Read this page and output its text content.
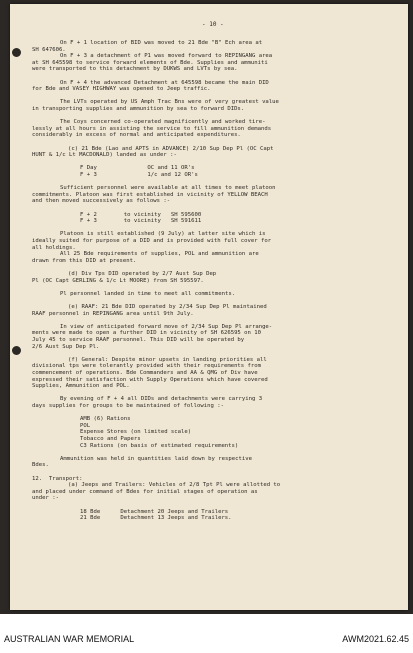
- 10 -

On F + 1 location of BID was moved to 21 Bde "B" Ech area at
SH 647606.
On F + 3 a detachment of P1 was moved forward to REPINGANG area
at SH 645598 to service forward elements of Bde. Supplies and ammuniti
were transported to this detachment by DUKWS and LVTs by sea.
On F + 4 the advanced Detachment at 645598 became the main DID
for Bde and VASEY HIGHWAY was opened to Jeep traffic.
The LVTs operated by US Amph Trac Bns were of very greatest value
in transporting supplies and ammunition by sea to forward DIDs.
The Coys concerned co-operated magnificently and worked tire-
lessly at all hours in assisting the service to fill ammunition demands
considerably in excess of normal and anticipated expenditures.
(c) 21 Bde (Lao and APTS in ADVANCE) 2/10 Sup Dep Pl (OC Capt
HUNT & 1/c Lt MACDONALD) landed as under :-
F Day               OC and 11 OR's
F + 3               1/c and 12 OR's
Sufficient personnel were available at all times to meet platoon
commitments. Platoon was first established in vicinity of YELLOW BEACH
and then moved successively as follows :-
F + 2        to vicinity   SH 595600
F + 3        to vicinity   SH 591611
Platoon is still established (9 July) at latter site which is
ideally suited for purpose of a DID and is provided with full cover for
all holdings.
All 25 Bde requirements of supplies, POL and ammunition are
drawn from this DID at present.
(d) Div Tps DID operated by 2/7 Aust Sup Dep
Pl (OC Capt GERLING & 1/c Lt MOORE) from SH 595597.
Pl personnel landed in time to meet all commitments.
(e) RAAF: 21 Bde DID operated by 2/34 Sup Dep Pl maintained
RAAF personnel in REPINGANG area until 9th July.
In view of anticipated forward move of 2/34 Sup Dep Pl arrange-
ments were made to open a further DID in vicinity of SH 626595 on 10
July 45 to service RAAF personnel. This DID will be operated by
2/6 Aust Sup Dep Pl.
(f) General: Despite minor upsets in landing priorities all
divisional tps were tolerantly provided with their requirements from
commencement of operations. Bde Commanders and AA & QMG of Div have
expressed their satisfaction with Supply Operations which have covered
Supplies, Ammunition and POL.
By evening of F + 4 all DIDs and detachments were carrying 3
days supplies for groups to be maintained of following :-
AMB (6) Rations
POL
Expense Stores (on limited scale)
Tobacco and Papers
C3 Rations (on basis of estimated requirements)
Ammunition was held in quantities laid down by respective
Bdes.
12.  Transport:
(a) Jeeps and Trailers: Vehicles of 2/8 Tpt Pl were allotted to
and placed under command of Bdes for initial stages of operation as
under :-
18 Bde      Detachment 20 Jeeps and Trailers
21 Bde      Detachment 13 Jeeps and Trailers.
AUSTRALIAN WAR MEMORIAL	AWM2021.62.45
